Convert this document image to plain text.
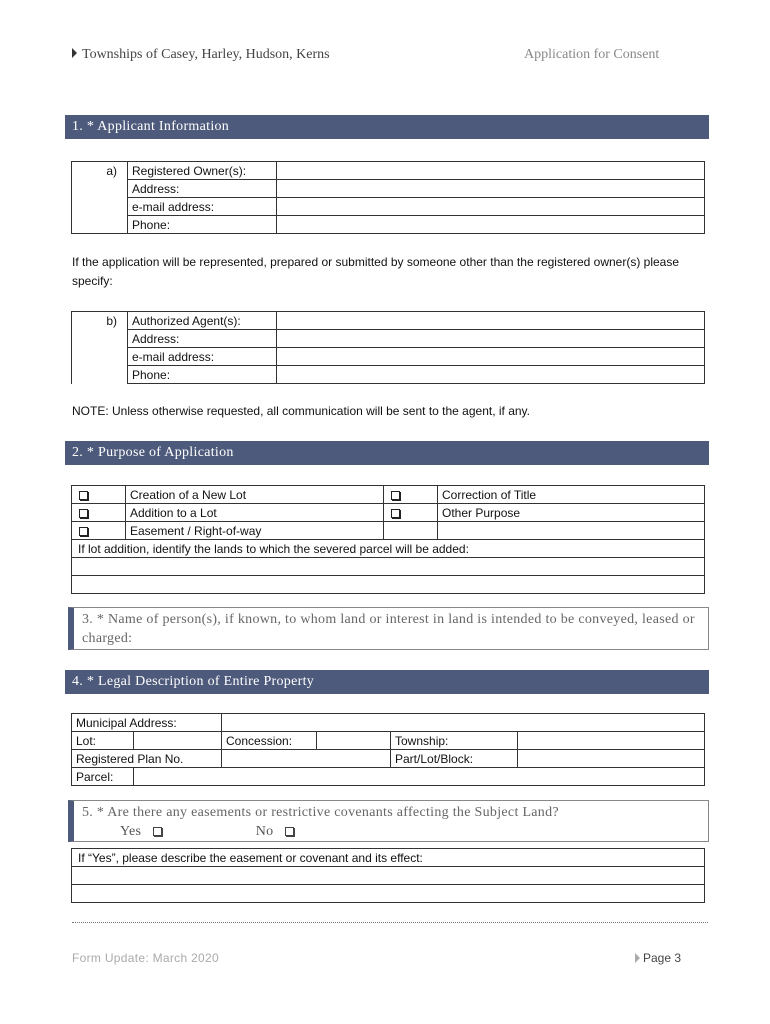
Townships of Casey, Harley, Hudson, Kerns	Application for Consent
1. * Applicant Information
a)	Registered Owner(s):	
	Address:	
	e-mail address:	
	Phone:	
If the application will be represented, prepared or submitted by someone other than the registered owner(s) please specify:
b)	Authorized Agent(s):	
	Address:	
	e-mail address:	
	Phone:	
NOTE: Unless otherwise requested, all communication will be sent to the agent, if any.
2. * Purpose of Application
	Creation of a New Lot		Correction of Title
	Addition to a Lot		Other Purpose
	Easement / Right-of-way		
If lot addition, identify the lands to which the severed parcel will be added:			

3. * Name of person(s), if known, to whom land or interest in land is intended to be conveyed, leased or charged:
4. * Legal Description of Entire Property
Municipal Address:					
Lot:		Concession:		Township:	
Registered Plan No.				Part/Lot/Block:	
Parcel:					
5. * Are there any easements or restrictive covenants affecting the Subject Land?
Yes	No
If “Yes”, please describe the easement or covenant and its effect:

Form Update: March 2020	Page 3
